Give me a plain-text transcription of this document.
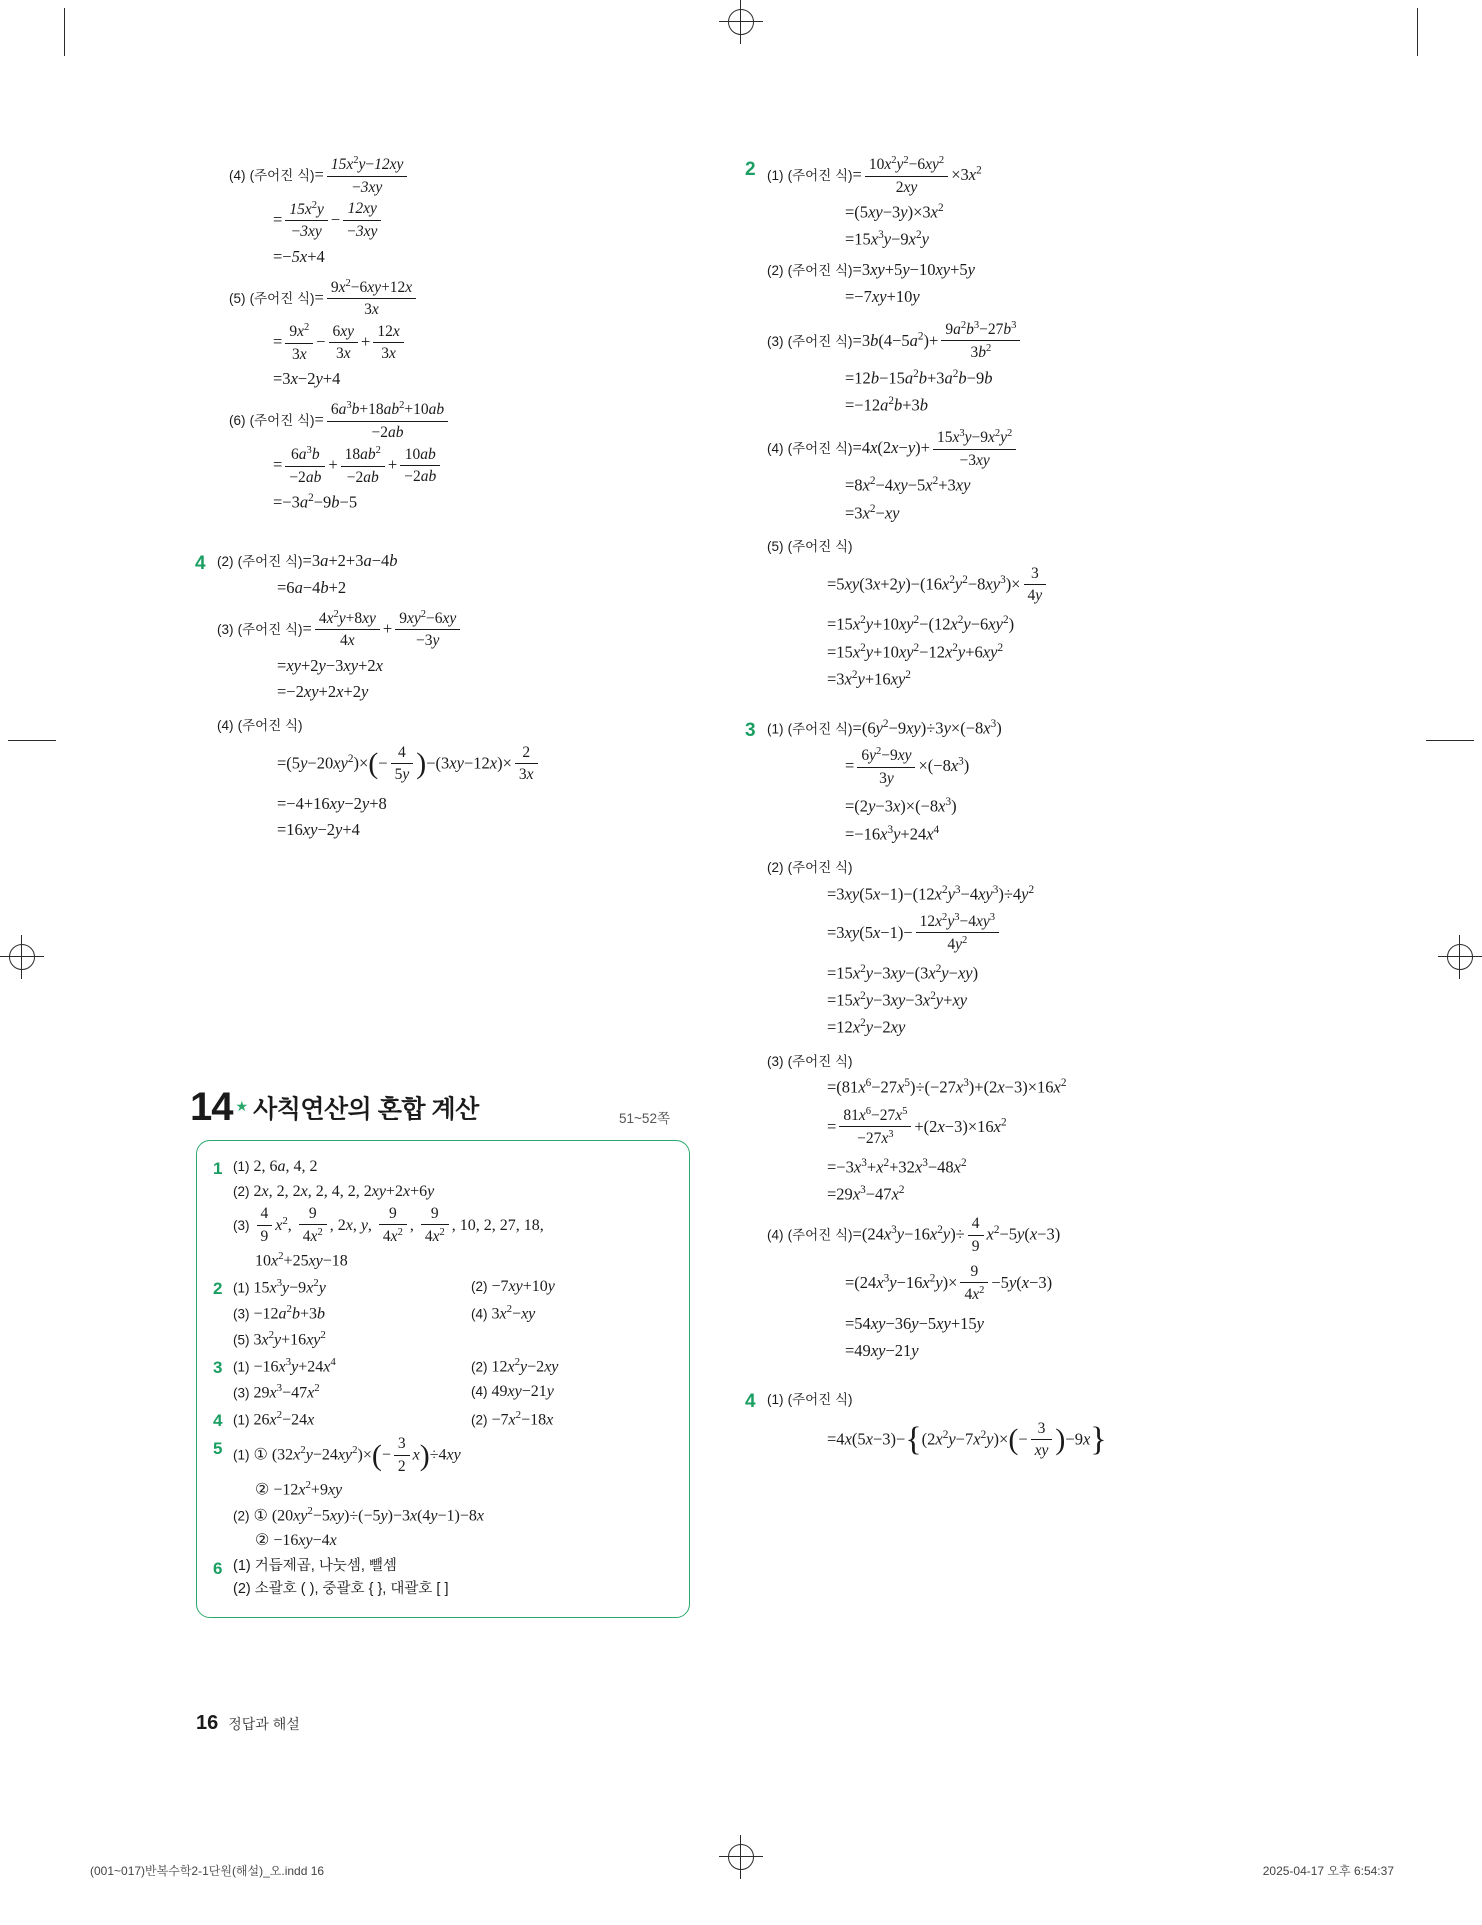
(4) (주어진 식)= $\frac{15x^2y-12xy}{-3xy}$
= $\frac{15x^2y}{-3xy} - \frac{12xy}{-3xy}$
=−5x+4
(5) (주어진 식)= $\frac{9x^2-6xy+12x}{3x}$
= $\frac{9x^2}{3x} - \frac{6xy}{3x} + \frac{12x}{3x}$
=3x−2y+4
(6) (주어진 식)= $\frac{6a^3b+18ab^2+10ab}{-2ab}$
= $\frac{6a^3b}{-2ab} + \frac{18ab^2}{-2ab} + \frac{10ab}{-2ab}$
$=-3a^2-9b-5$
4 (2) (주어진 식)=3a+2+3a−4b
=6a−4b+2
(3) (주어진 식)= $\frac{4x^2y+8xy}{4x} + \frac{9xy^2-6xy}{-3y}$
=xy+2y−3xy+2x
=−2xy+2x+2y
(4) (주어진 식)
$=(5y-20xy^2)\times(- \frac{4}{5y} )-(3xy-12x)\times \frac{2}{3x}$
=−4+16xy−2y+8
=16xy−2y+4
14 ★ 사칙연산의 혼합 계산	51~52쪽
1 (1) 2, 6a, 4, 2
(2) 2x, 2, 2x, 2, 4, 2, 2xy+2x+6y
$(3) \frac{4}{9} x^2$, $\frac{9}{4x^2}$ , 2x, y, $\frac{9}{4x^2}$ , $\frac{9}{4x^2}$ , 10, 2, 27, 18,
$10x^2+25xy-18$
2 (1) $15x^3y-9x^2y$	(2) −7xy+10y
$(3) -12a^2b+3b$	(4) $3x^2-xy$
(5) $3x^2y+16xy^2$
3 $(1) -16x^3y+24x^4$	(2) $12x^2y-2xy$
(3) $29x^3-47x^2$	(4) 49xy−21y
4 (1) $26x^2-24x$	$(2) -7x^2-18x$
5 (1) ① $(32x^2y-24xy^2)\times(- \frac{3}{2} x)\div 4xy$
② $-12x^2+9xy$
(2) ① $(20xy^2-5xy)\div(-5y)-3x(4y-1)-8x$
② −16xy−4x
6 (1) 거듭제곱, 나눗셈, 뺄셈
(2) 소괄호 ( ), 중괄호 { }, 대괄호 [ ]
2 (1) (주어진 식)= $\frac{10x^2y^2-6xy^2}{2xy} \times 3x^2$
$=(5xy-3y)\times 3x^2$
$=15x^3y-9x^2y$
(2) (주어진 식)=3xy+5y−10xy+5y
=−7xy+10y
(3) (주어진 식)$=3b(4-5a^2)+ \frac{9a^2b^3-27b^3}{3b^2}$
$=12b-15a^2b+3a^2b-9b$
$=-12a^2b+3b$
(4) (주어진 식)$=4x(2x-y)+ \frac{15x^3y-9x^2y^2}{-3xy}$
$=8x^2-4xy-5x^2+3xy$
$=3x^2-xy$
(5) (주어진 식)
$=5xy(3x+2y)-(16x^2y^2-8xy^3)\times \frac{3}{4y}$
$=15x^2y+10xy^2-(12x^2y-6xy^2)$
$=15x^2y+10xy^2-12x^2y+6xy^2$
$=3x^2y+16xy^2$
3 (1) (주어진 식)$=(6y^2-9xy)\div 3y\times(-8x^3)$
= $\frac{6y^2-9xy}{3y} \times(-8x^3)$
$=(2y-3x)\times(-8x^3)$
$=-16x^3y+24x^4$
(2) (주어진 식)
$=3xy(5x-1)-(12x^2y^3-4xy^3)\div 4y^2$
$=3xy(5x-1)- \frac{12x^2y^3-4xy^3}{4y^2}$
$=15x^2y-3xy-(3x^2y-xy)$
$=15x^2y-3xy-3x^2y+xy$
$=12x^2y-2xy$
(3) (주어진 식)
$=(81x^6-27x^5)\div(-27x^3)+(2x-3)\times 16x^2$
= $\frac{81x^6-27x^5}{-27x^3} +(2x-3)\times 16x^2$
$=-3x^3+x^2+32x^3-48x^2$
$=29x^3-47x^2$
(4) (주어진 식)$=(24x^3y-16x^2y)\div \frac{4}{9} x^2-5y(x-3)$
$=(24x^3y-16x^2y)\times \frac{9}{4x^2} -5y(x-3)$
=54xy−36y−5xy+15y
=49xy−21y
4 (1) (주어진 식)
$=4x(5x-3)-\{(2x^2y-7x^2y)\times(- \frac{3}{xy} )-9x\}$
16 정답과 해설
(001~017)반복수학2-1단원(해설)_오.indd 16	2025-04-17 오후 6:54:37
